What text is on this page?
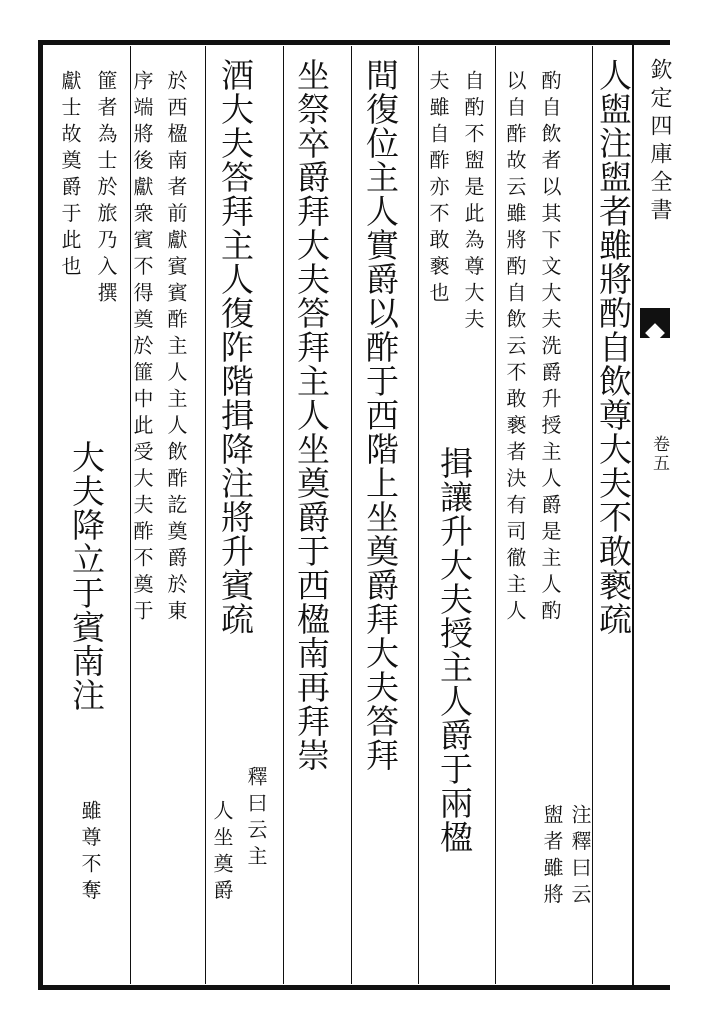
欽定四庫全書
卷五
人盥注盥者雖將酌自飲尊大夫不敢褻疏
注釋曰云
盥者雖將
酌自飲者以其下文大夫洗爵升授主人爵是主人酌
以自酢故云雖將酌自飲云不敢褻者決有司徹主人
自酌不盥是此為尊大夫
夫雖自酢亦不敢褻也
揖讓升大夫授主人爵于兩楹
間復位主人實爵以酢于西階上坐奠爵拜大夫答拜
坐祭卒爵拜大夫答拜主人坐奠爵于西楹南再拜崇
酒大夫答拜主人復阼階揖降注將升賓疏
釋曰云主
人坐奠爵
於西楹南者前獻賓賓酢主人主人飲酢訖奠爵於東
序端將後獻衆賓不得奠於篚中此受大夫酢不奠于
篚者為士於旅乃入撰
獻士故奠爵于此也
大夫降立于賓南注
雖尊不奪
